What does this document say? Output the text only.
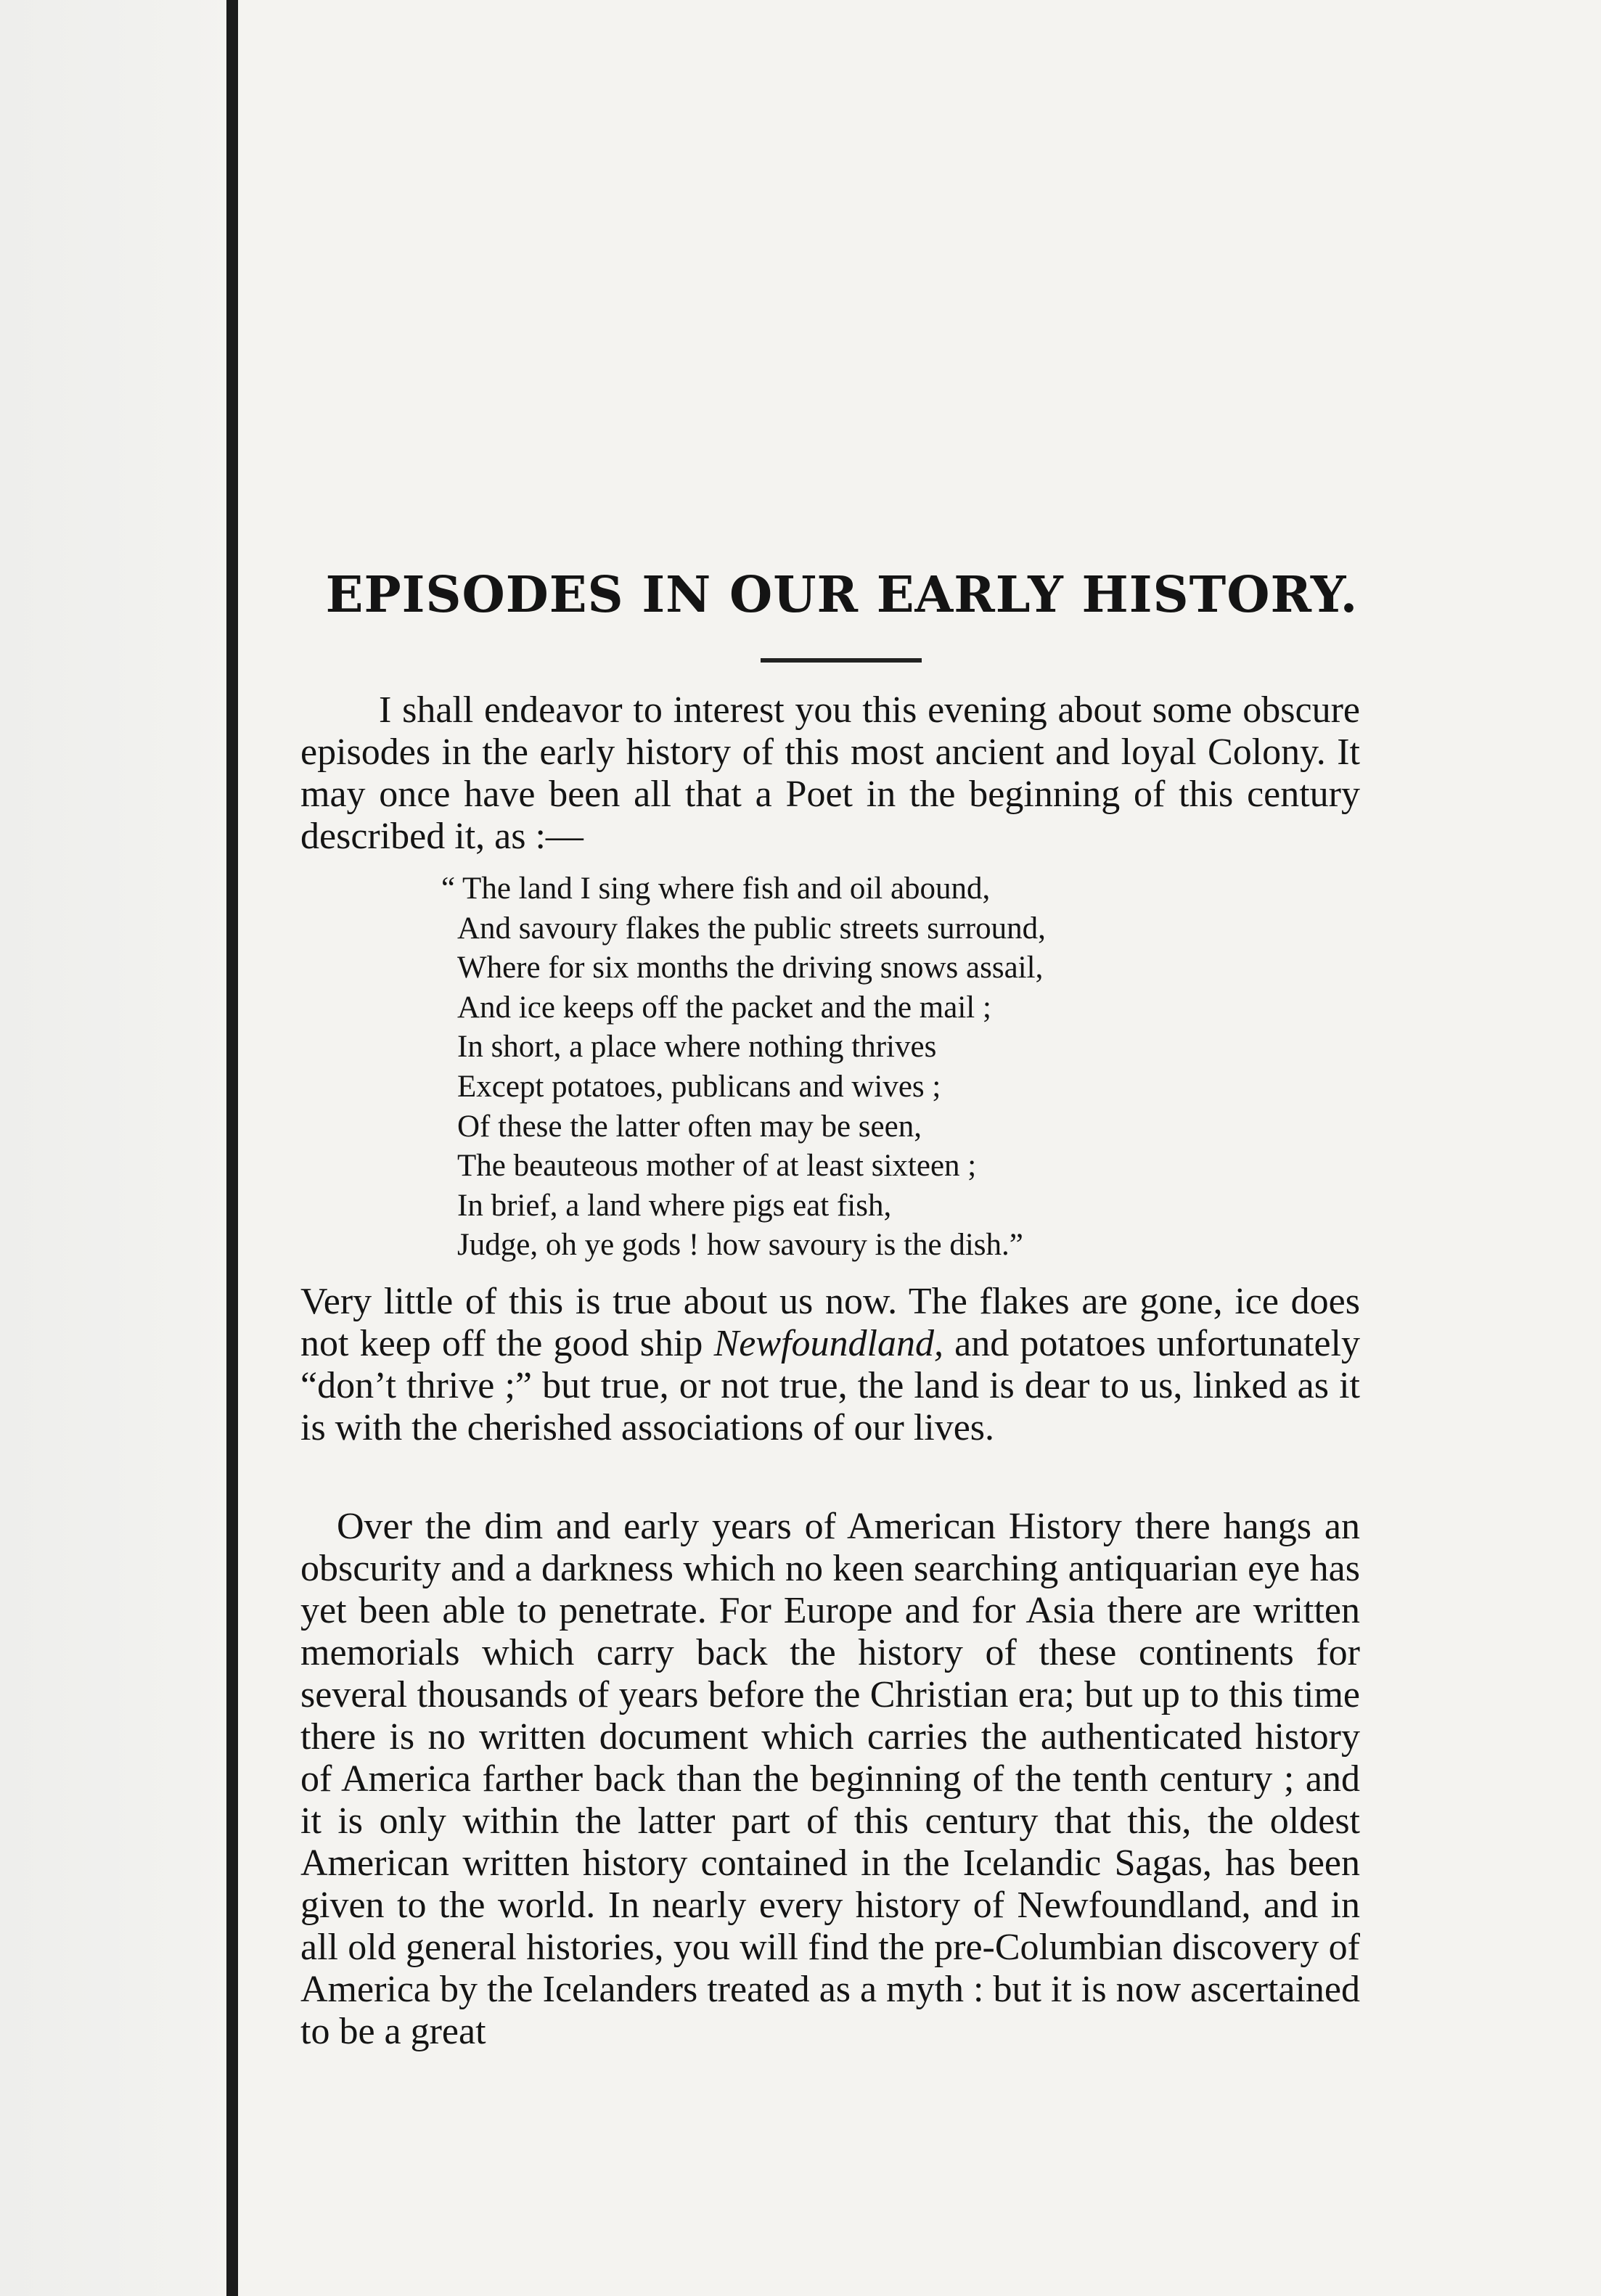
EPISODES IN OUR EARLY HISTORY.

I shall endeavor to interest you this evening about some obscure episodes in the early history of this most ancient and loyal Colony. It may once have been all that a Poet in the beginning of this century described it, as :—

“ The land I sing where fish and oil abound,
And savoury flakes the public streets surround,
Where for six months the driving snows assail,
And ice keeps off the packet and the mail ;
In short, a place where nothing thrives
Except potatoes, publicans and wives ;
Of these the latter often may be seen,
The beauteous mother of at least sixteen ;
In brief, a land where pigs eat fish,
Judge, oh ye gods ! how savoury is the dish.”

Very little of this is true about us now. The flakes are gone, ice does not keep off the good ship Newfoundland, and potatoes unfortunately “don’t thrive ;” but true, or not true, the land is dear to us, linked as it is with the cherished associations of our lives.

Over the dim and early years of American History there hangs an obscurity and a darkness which no keen searching antiquarian eye has yet been able to penetrate. For Europe and for Asia there are written memorials which carry back the history of these continents for several thousands of years before the Christian era; but up to this time there is no written document which carries the authenticated history of America farther back than the beginning of the tenth century ; and it is only within the latter part of this century that this, the oldest American written history contained in the Icelandic Sagas, has been given to the world. In nearly every history of Newfoundland, and in all old general histories, you will find the pre-Columbian discovery of America by the Icelanders treated as a myth : but it is now ascertained to be a great
